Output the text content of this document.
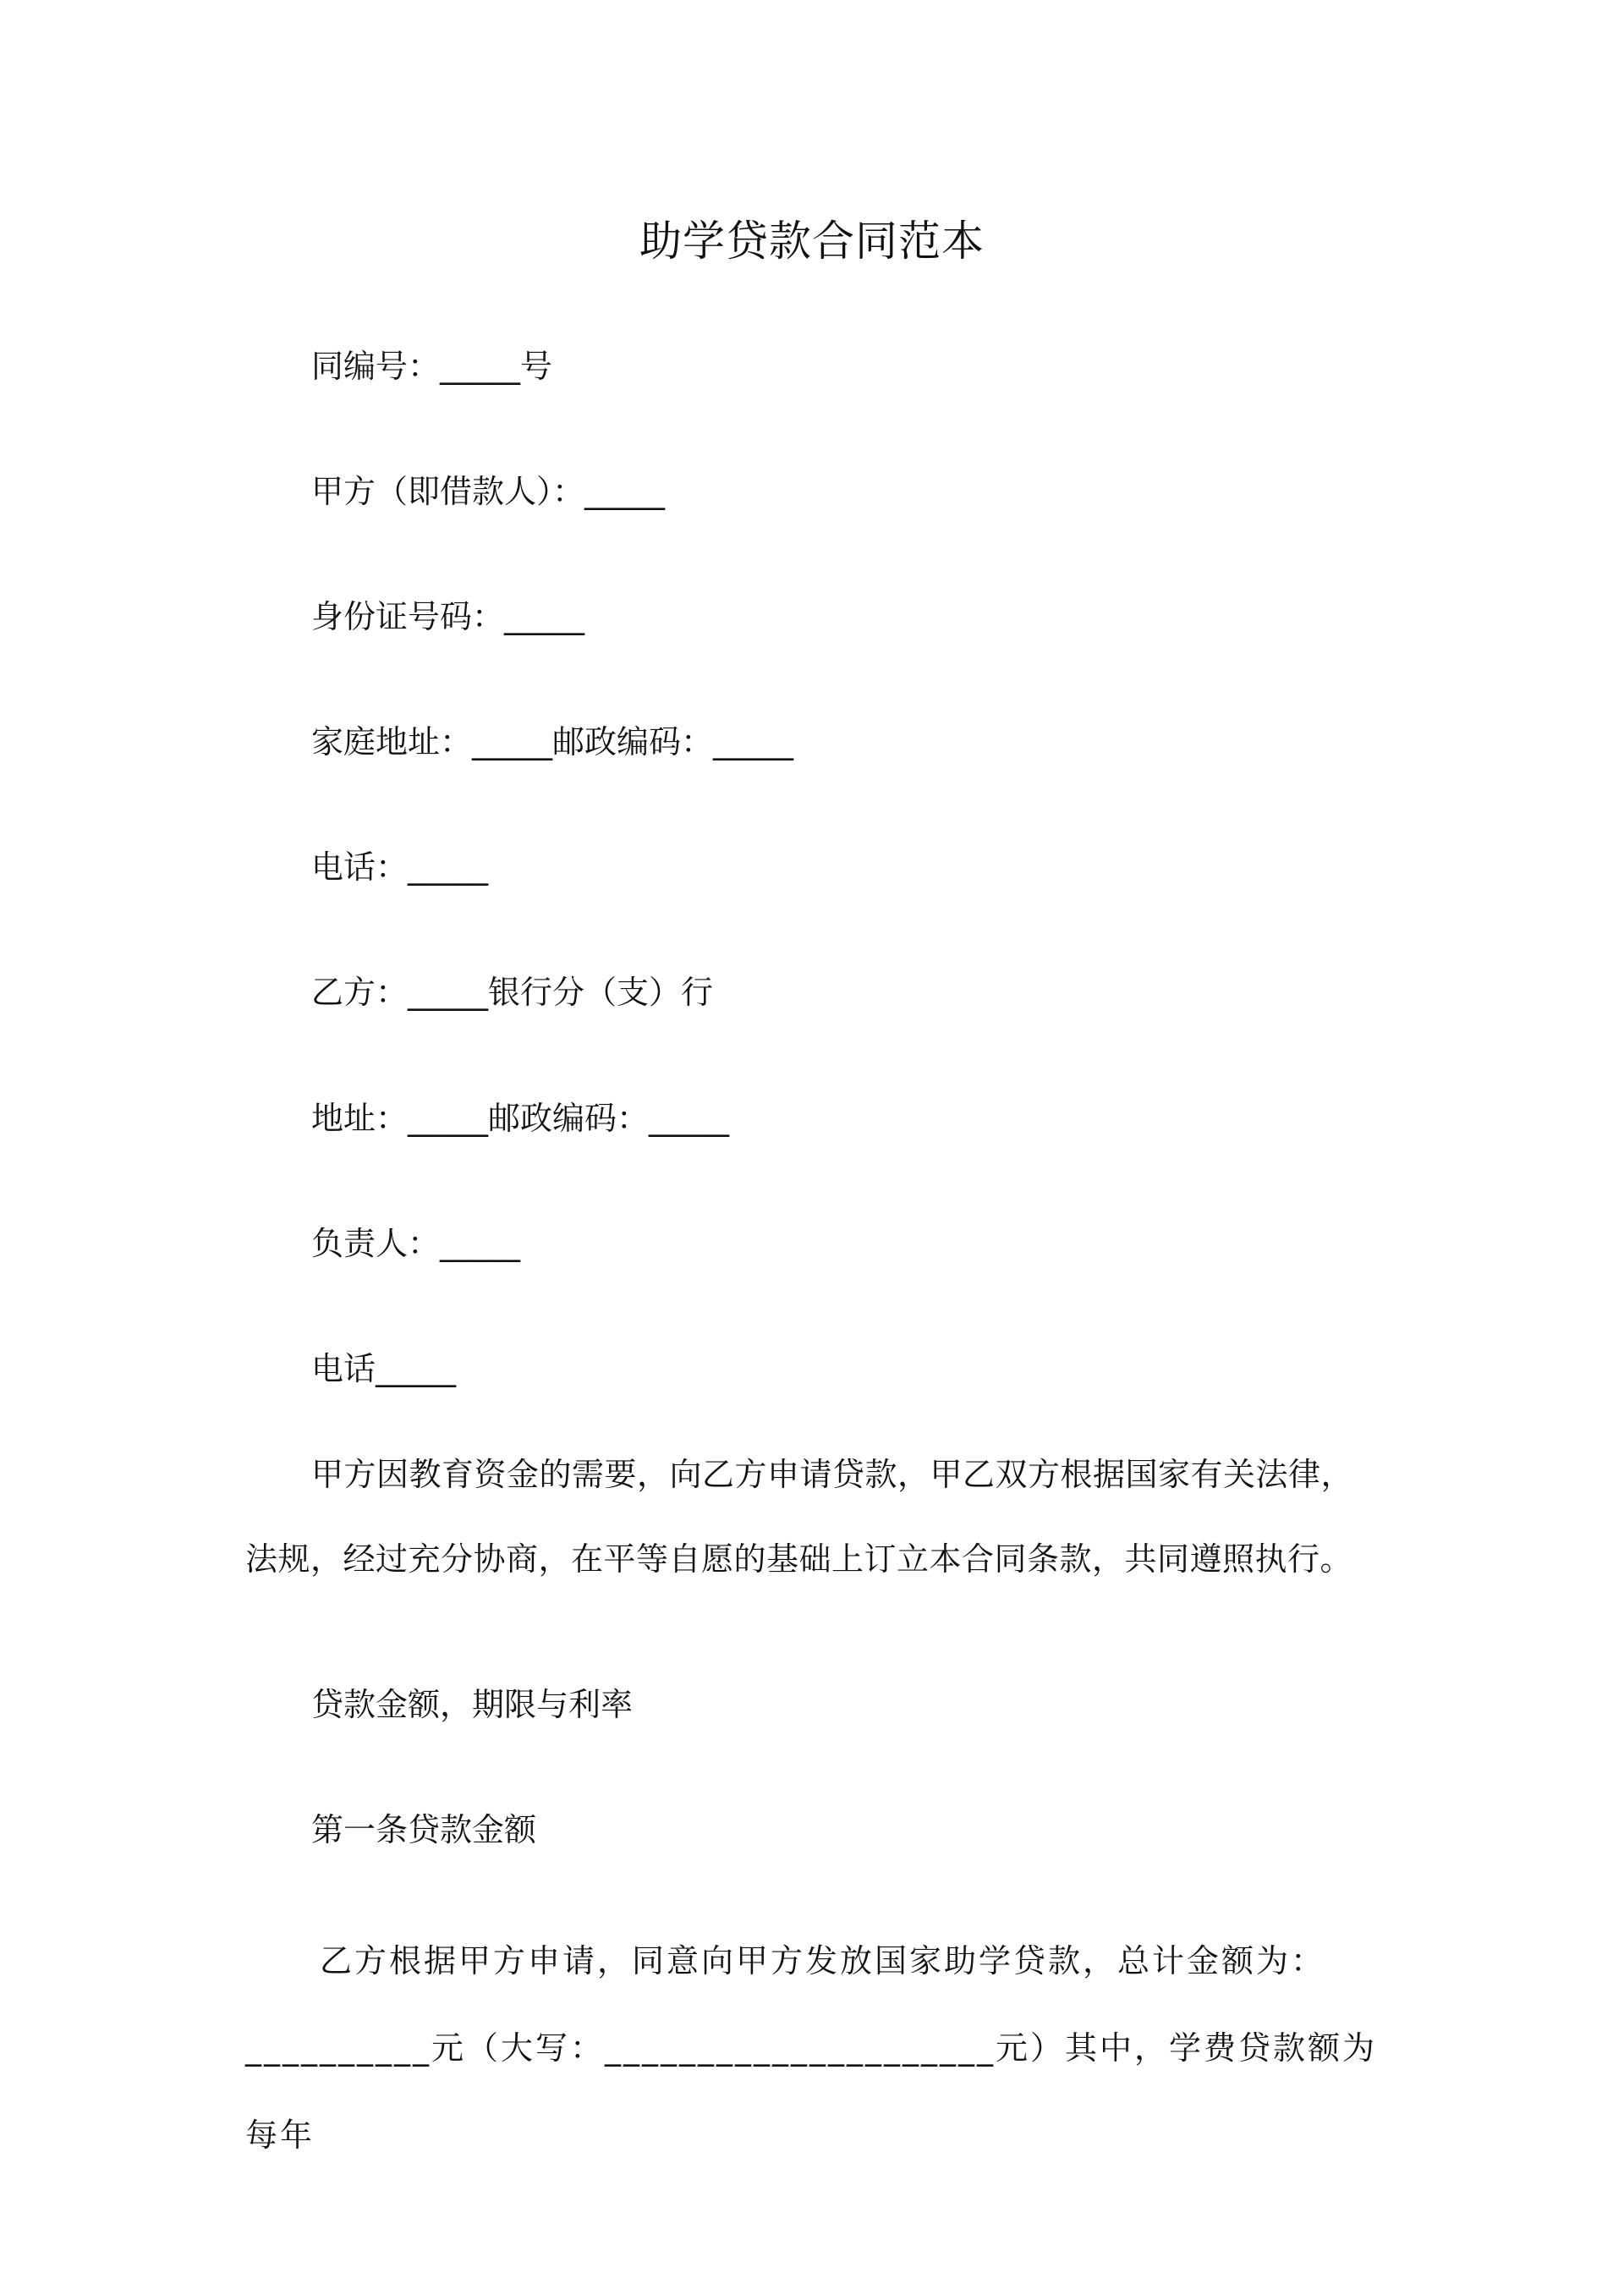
助学贷款合同范本
同编号：_____号
甲方（即借款人）：_____
身份证号码：_____
家庭地址：_____邮政编码：_____
电话：_____
乙方：_____银行分（支）行
地址：_____邮政编码：_____
负责人：_____
电话_____
甲方因教育资金的需要，向乙方申请贷款，甲乙双方根据国家有关法律，法规，经过充分协商，在平等自愿的基础上订立本合同条款，共同遵照执行。
贷款金额，期限与利率
第一条贷款金额
乙方根据甲方申请，同意向甲方发放国家助学贷款，总计金额为：__________元（大写：_____________________元）其中，学费贷款额为每年
